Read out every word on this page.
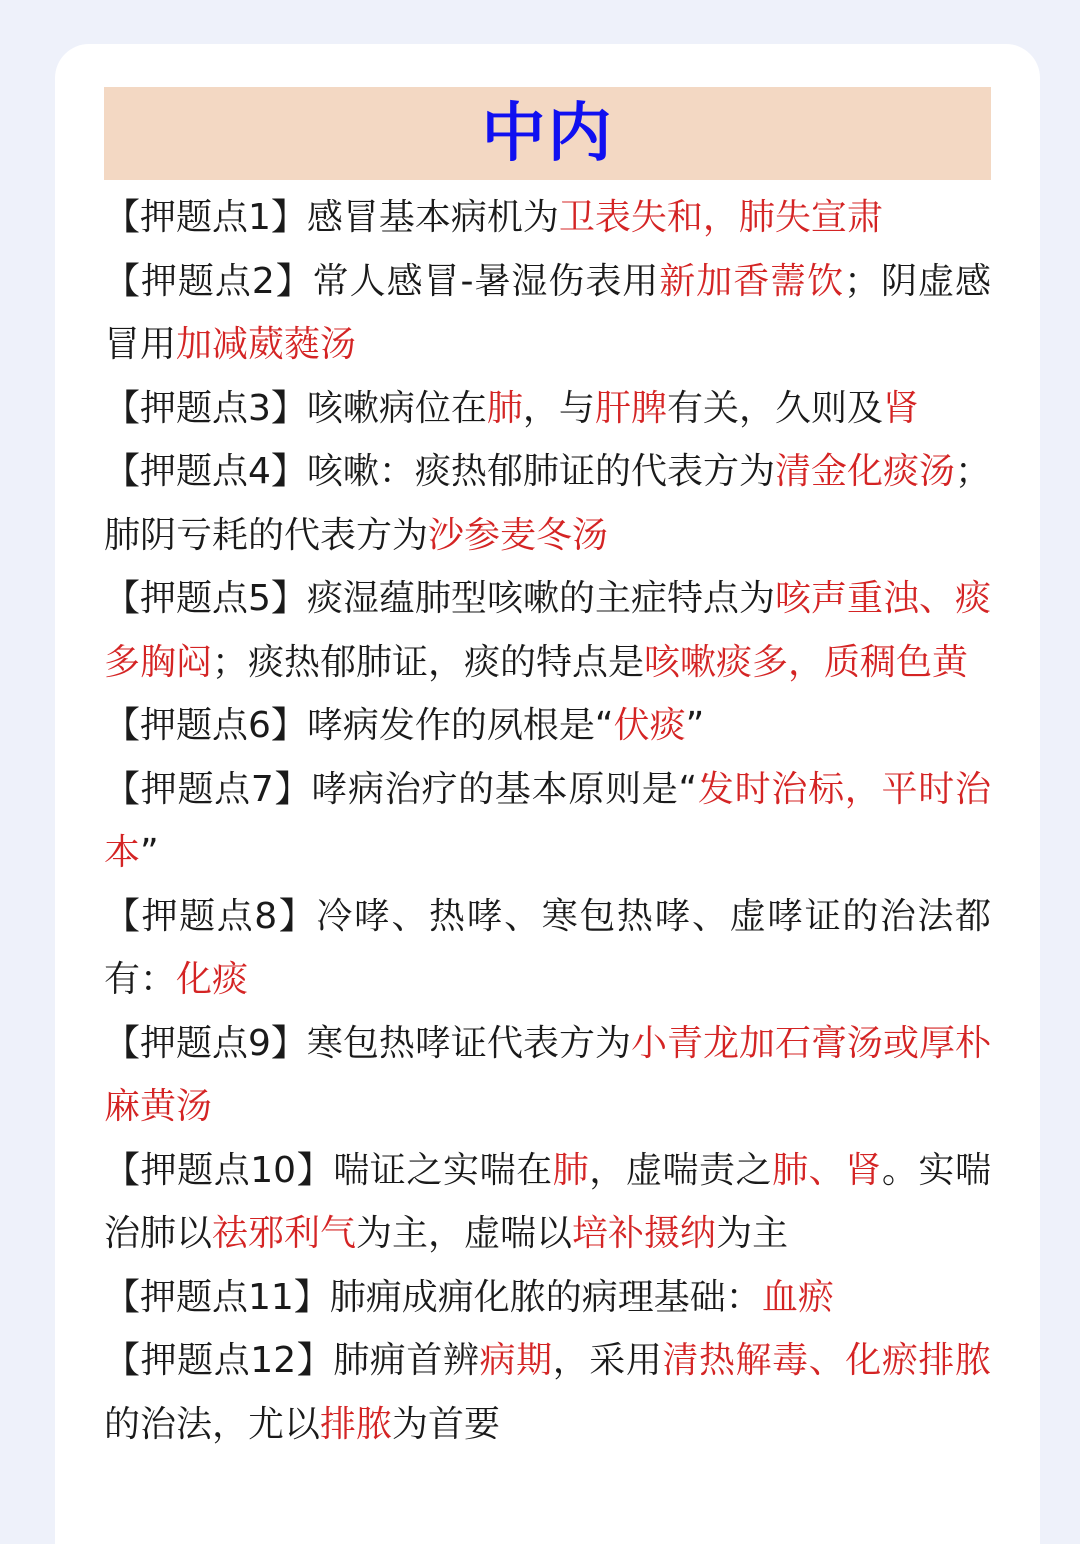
中内

【押题点1】感冒基本病机为卫表失和，肺失宣肃

【押题点2】常人感冒-暑湿伤表用新加香薷饮；阴虚感冒用加减葳蕤汤

【押题点3】咳嗽病位在肺，与肝脾有关，久则及肾

【押题点4】咳嗽：痰热郁肺证的代表方为清金化痰汤；肺阴亏耗的代表方为沙参麦冬汤

【押题点5】痰湿蕴肺型咳嗽的主症特点为咳声重浊、痰多胸闷；痰热郁肺证，痰的特点是咳嗽痰多，质稠色黄

【押题点6】哮病发作的夙根是“伏痰”

【押题点7】哮病治疗的基本原则是“发时治标，平时治本”

【押题点8】冷哮、热哮、寒包热哮、虚哮证的治法都有：化痰

【押题点9】寒包热哮证代表方为小青龙加石膏汤或厚朴麻黄汤

【押题点10】喘证之实喘在肺，虚喘责之肺、肾。实喘治肺以祛邪利气为主，虚喘以培补摄纳为主

【押题点11】肺痈成痈化脓的病理基础：血瘀

【押题点12】肺痈首辨病期，采用清热解毒、化瘀排脓的治法，尤以排脓为首要
